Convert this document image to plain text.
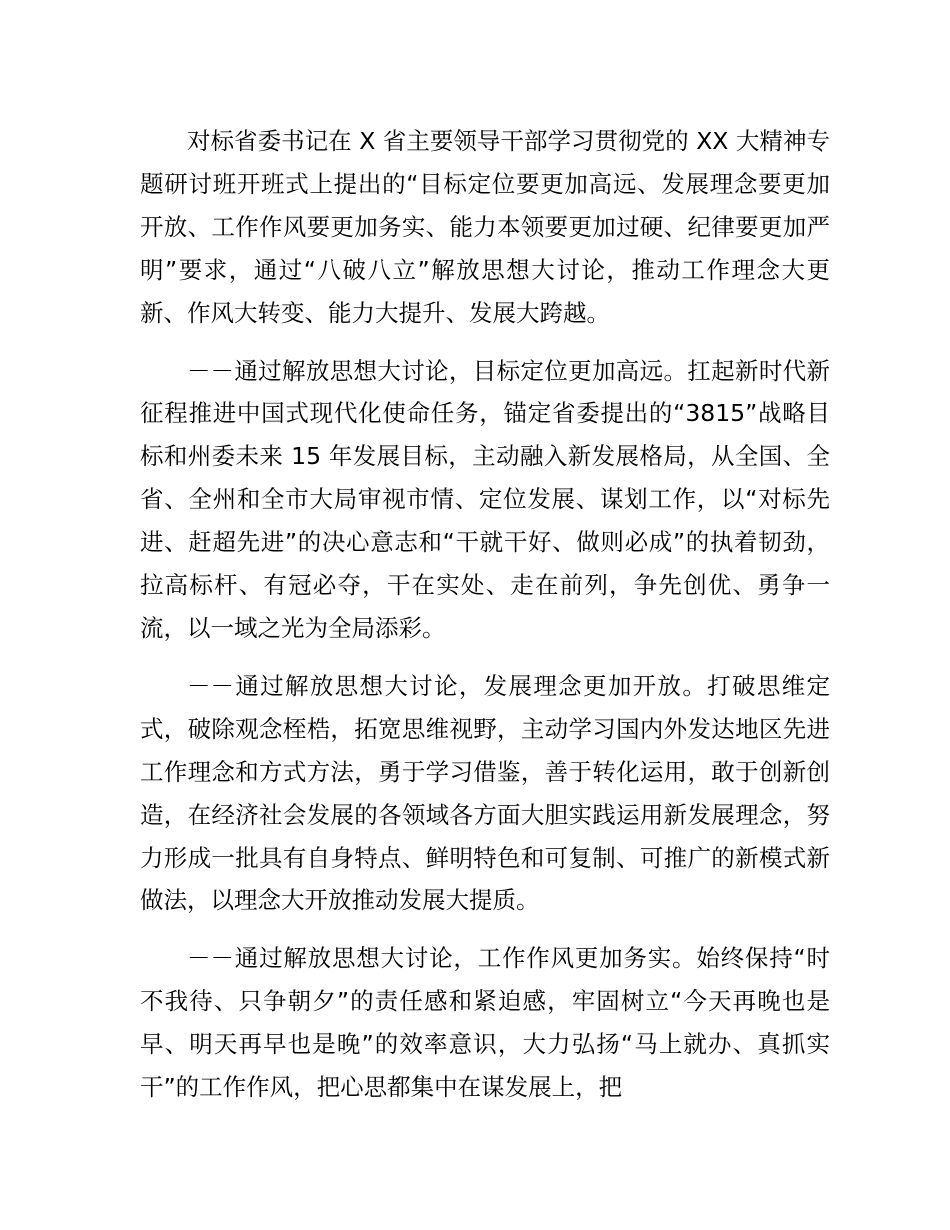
对标省委书记在 X 省主要领导干部学习贯彻党的 XX 大精神专题研讨班开班式上提出的“目标定位要更加高远、发展理念要更加开放、工作作风要更加务实、能力本领要更加过硬、纪律要更加严明”要求，通过“八破八立”解放思想大讨论，推动工作理念大更新、作风大转变、能力大提升、发展大跨越。

－－通过解放思想大讨论，目标定位更加高远。扛起新时代新征程推进中国式现代化使命任务，锚定省委提出的“3815”战略目标和州委未来 15 年发展目标，主动融入新发展格局，从全国、全省、全州和全市大局审视市情、定位发展、谋划工作，以“对标先进、赶超先进”的决心意志和“干就干好、做则必成”的执着韧劲，拉高标杆、有冠必夺，干在实处、走在前列，争先创优、勇争一流，以一域之光为全局添彩。

－－通过解放思想大讨论，发展理念更加开放。打破思维定式，破除观念桎梏，拓宽思维视野，主动学习国内外发达地区先进工作理念和方式方法，勇于学习借鉴，善于转化运用，敢于创新创造，在经济社会发展的各领域各方面大胆实践运用新发展理念，努力形成一批具有自身特点、鲜明特色和可复制、可推广的新模式新做法，以理念大开放推动发展大提质。

－－通过解放思想大讨论，工作作风更加务实。始终保持“时不我待、只争朝夕”的责任感和紧迫感，牢固树立“今天再晚也是早、明天再早也是晚”的效率意识，大力弘扬“马上就办、真抓实干”的工作作风，把心思都集中在谋发展上，把
